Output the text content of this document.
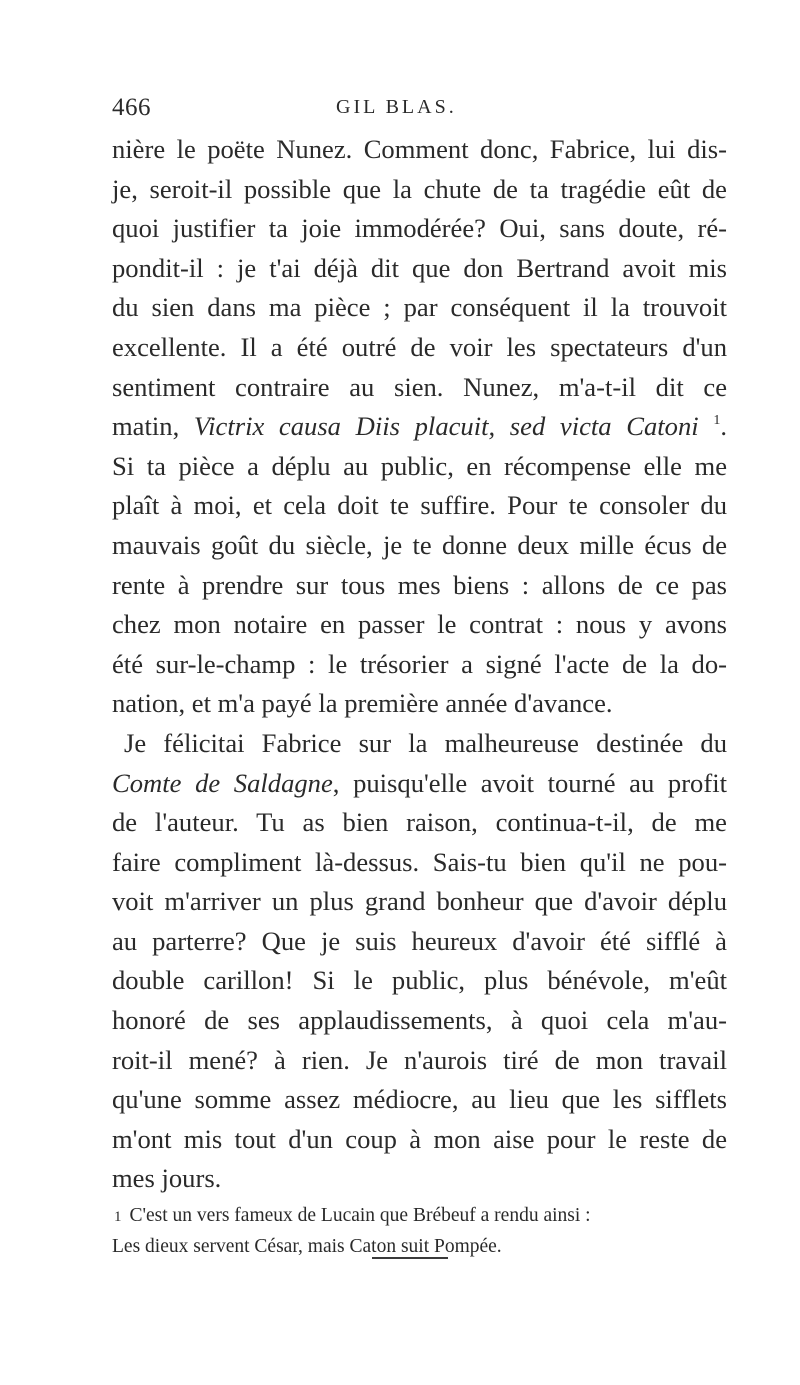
466	GIL BLAS.
nière le poëte Nunez. Comment donc, Fabrice, lui dis-
je, seroit-il possible que la chute de ta tragédie eût de
quoi justifier ta joie immodérée? Oui, sans doute, ré-
pondit-il : je t'ai déjà dit que don Bertrand avoit mis
du sien dans ma pièce ; par conséquent il la trouvoit
excellente. Il a été outré de voir les spectateurs d'un
sentiment contraire au sien. Nunez, m'a-t-il dit ce
matin, Victrix causa Diis placuit, sed victa Catoni $^1$.
Si ta pièce a déplu au public, en récompense elle me
plaît à moi, et cela doit te suffire. Pour te consoler du
mauvais goût du siècle, je te donne deux mille écus de
rente à prendre sur tous mes biens : allons de ce pas
chez mon notaire en passer le contrat : nous y avons
été sur-le-champ : le trésorier a signé l'acte de la do-
nation, et m'a payé la première année d'avance.
Je félicitai Fabrice sur la malheureuse destinée du
Comte de Saldagne, puisqu'elle avoit tourné au profit
de l'auteur. Tu as bien raison, continua-t-il, de me
faire compliment là-dessus. Sais-tu bien qu'il ne pou-
voit m'arriver un plus grand bonheur que d'avoir déplu
au parterre? Que je suis heureux d'avoir été sifflé à
double carillon! Si le public, plus bénévole, m'eût
honoré de ses applaudissements, à quoi cela m'au-
roit-il mené? à rien. Je n'aurois tiré de mon travail
qu'une somme assez médiocre, au lieu que les sifflets
m'ont mis tout d'un coup à mon aise pour le reste de
mes jours.
1 C'est un vers fameux de Lucain que Brébeuf a rendu ainsi :
Les dieux servent César, mais Caton suit Pompée.
